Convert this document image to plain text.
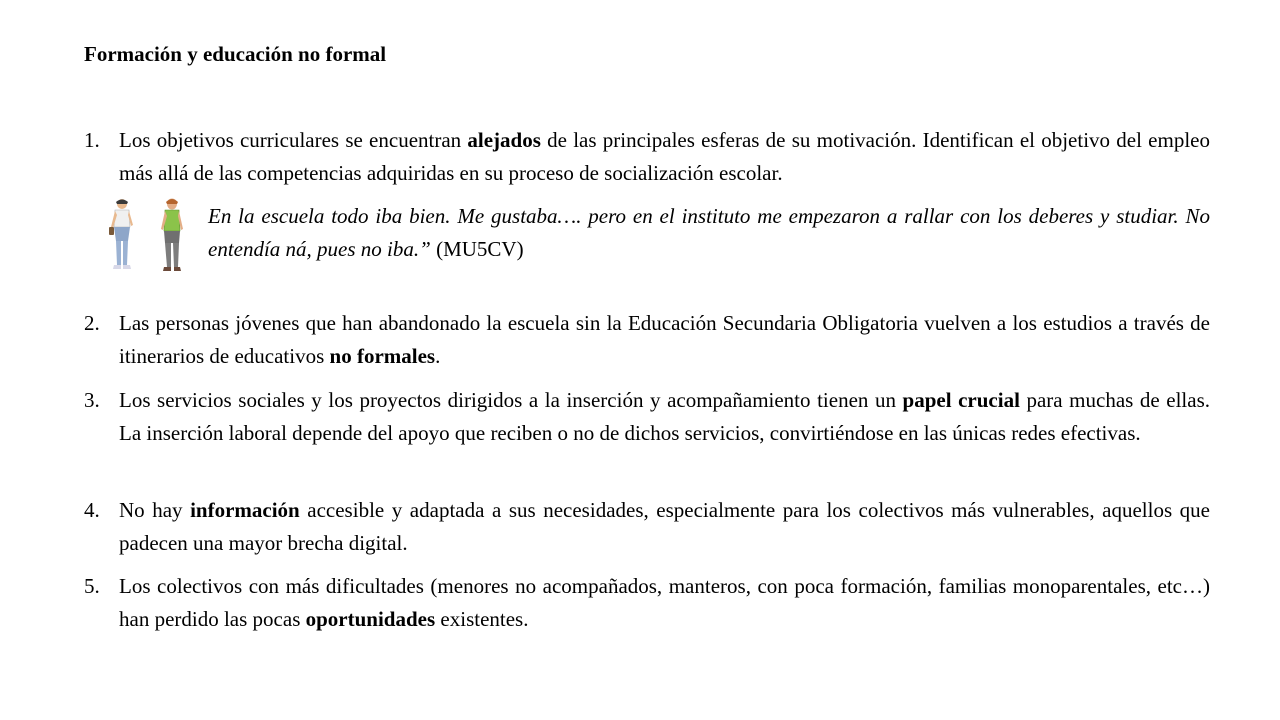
Formación y educación no formal
1. Los objetivos curriculares se encuentran alejados de las principales esferas de su motivación. Identifican el objetivo del empleo más allá de las competencias adquiridas en su proceso de socialización escolar.
En la escuela todo iba bien. Me gustaba…. pero en el instituto me empezaron a rallar con los deberes y studiar. No entendía ná, pues no iba.” (MU5CV)
2. Las personas jóvenes que han abandonado la escuela sin la Educación Secundaria Obligatoria vuelven a los estudios a través de itinerarios de educativos no formales.
3. Los servicios sociales y los proyectos dirigidos a la inserción y acompañamiento tienen un papel crucial para muchas de ellas. La inserción laboral depende del apoyo que reciben o no de dichos servicios, convirtiéndose en las únicas redes efectivas.
4. No hay información accesible y adaptada a sus necesidades, especialmente para los colectivos más vulnerables, aquellos que padecen una mayor brecha digital.
5. Los colectivos con más dificultades (menores no acompañados, manteros, con poca formación, familias monoparentales, etc…) han perdido las pocas oportunidades existentes.
